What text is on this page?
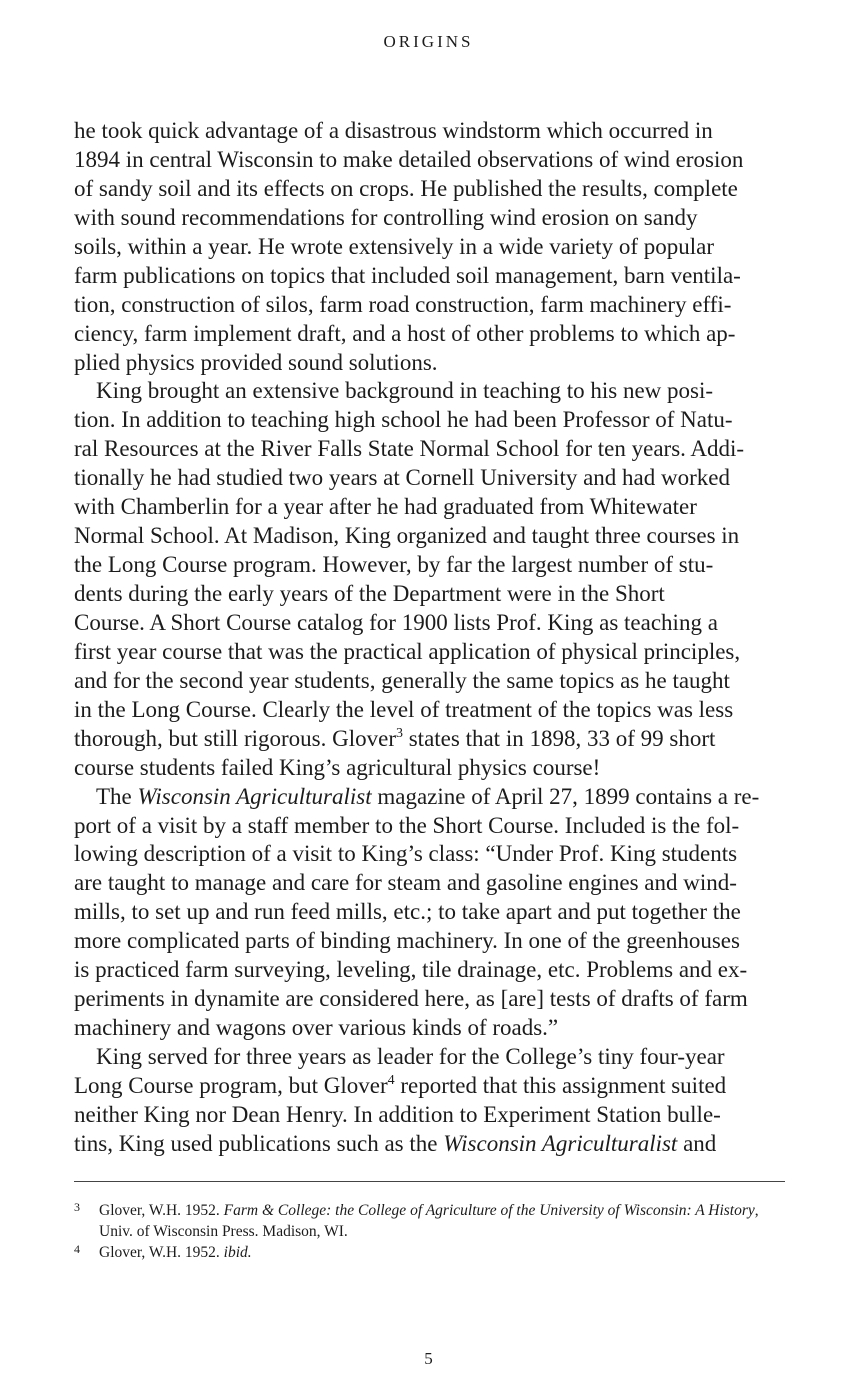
ORIGINS
he took quick advantage of a disastrous windstorm which occurred in
1894 in central Wisconsin to make detailed observations of wind erosion
of sandy soil and its effects on crops. He published the results, complete
with sound recommendations for controlling wind erosion on sandy
soils, within a year. He wrote extensively in a wide variety of popular
farm publications on topics that included soil management, barn ventila-
tion, construction of silos, farm road construction, farm machinery effi-
ciency, farm implement draft, and a host of other problems to which ap-
plied physics provided sound solutions.
King brought an extensive background in teaching to his new posi-
tion. In addition to teaching high school he had been Professor of Natu-
ral Resources at the River Falls State Normal School for ten years. Addi-
tionally he had studied two years at Cornell University and had worked
with Chamberlin for a year after he had graduated from Whitewater
Normal School. At Madison, King organized and taught three courses in
the Long Course program. However, by far the largest number of stu-
dents during the early years of the Department were in the Short
Course. A Short Course catalog for 1900 lists Prof. King as teaching a
first year course that was the practical application of physical principles,
and for the second year students, generally the same topics as he taught
in the Long Course. Clearly the level of treatment of the topics was less
thorough, but still rigorous. Glover$^3$ states that in 1898, 33 of 99 short
course students failed King’s agricultural physics course!
The Wisconsin Agriculturalist magazine of April 27, 1899 contains a re-
port of a visit by a staff member to the Short Course. Included is the fol-
lowing description of a visit to King’s class: “Under Prof. King students
are taught to manage and care for steam and gasoline engines and wind-
mills, to set up and run feed mills, etc.; to take apart and put together the
more complicated parts of binding machinery. In one of the greenhouses
is practiced farm surveying, leveling, tile drainage, etc. Problems and ex-
periments in dynamite are considered here, as [are] tests of drafts of farm
machinery and wagons over various kinds of roads.”
King served for three years as leader for the College’s tiny four-year
Long Course program, but Glover$^4$ reported that this assignment suited
neither King nor Dean Henry. In addition to Experiment Station bulle-
tins, King used publications such as the Wisconsin Agriculturalist and
3 Glover, W.H. 1952. Farm & College: the College of Agriculture of the University of Wisconsin: A History, Univ. of Wisconsin Press. Madison, WI.
4 Glover, W.H. 1952. ibid.
5
